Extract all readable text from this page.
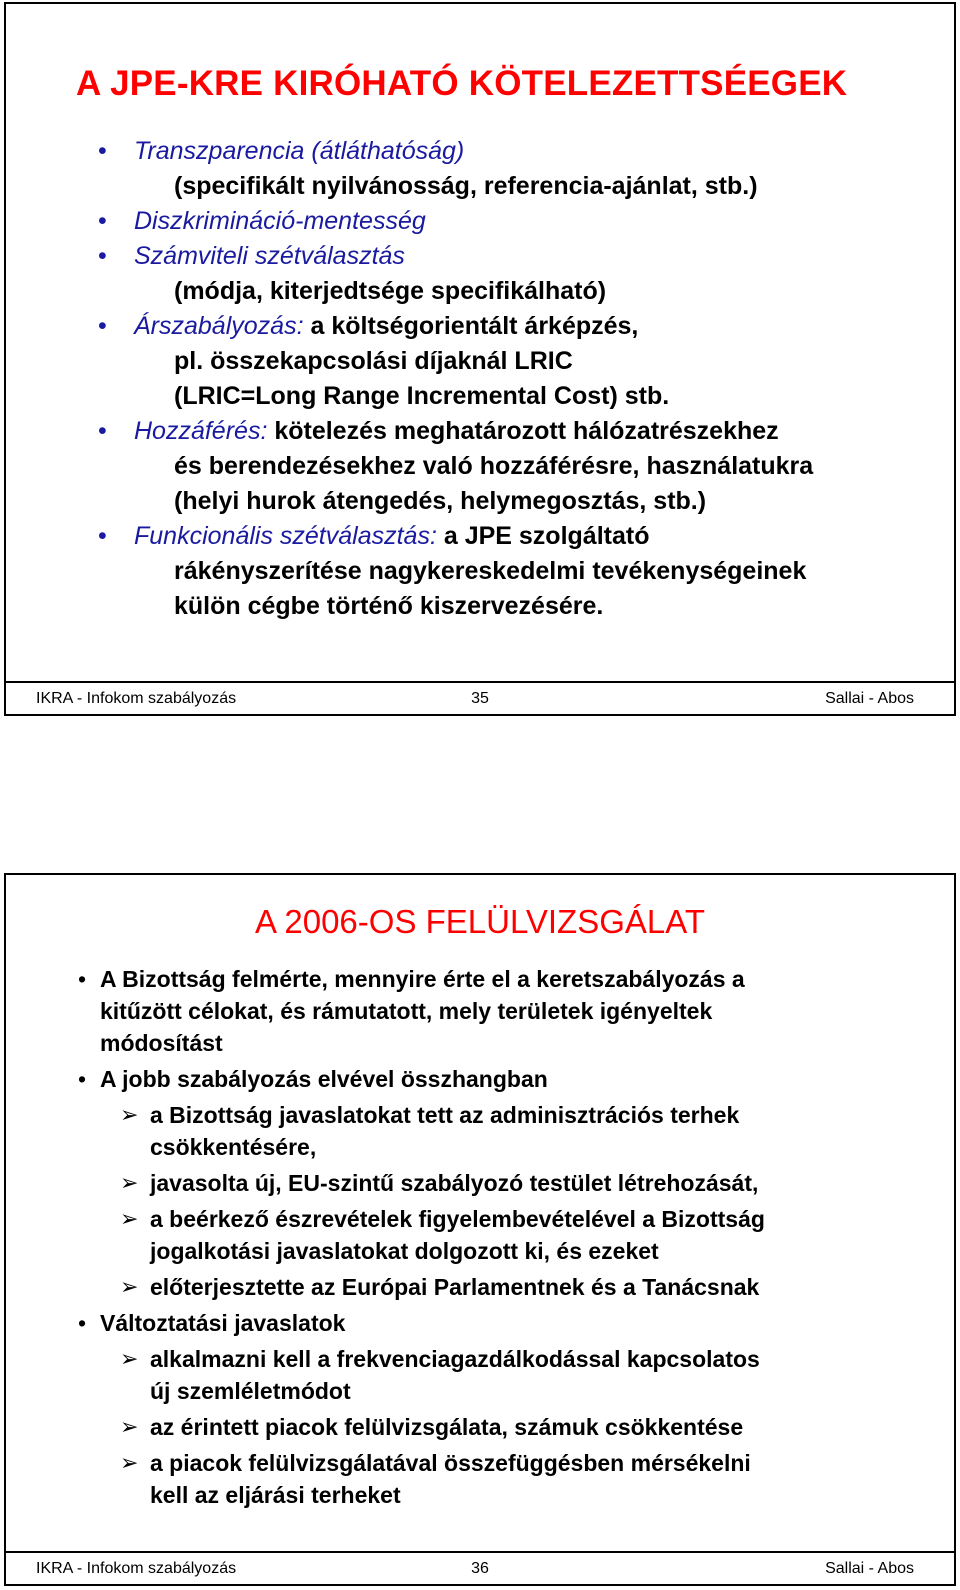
A JPE-KRE KIRÓHATÓ KÖTELEZETTSÉEGEK
• Transzparencia (átláthatóság)
(specifikált nyilvánosság, referencia-ajánlat, stb.)
• Diszkrimináció-mentesség
• Számviteli szétválasztás
(módja, kiterjedtsége specifikálható)
• Árszabályozás: a költségorientált árképzés,
pl. összekapcsolási díjaknál LRIC
(LRIC=Long Range Incremental Cost) stb.
• Hozzáférés: kötelezés meghatározott hálózatrészekhez
és berendezésekhez való hozzáférésre, használatukra
(helyi hurok átengedés, helymegosztás, stb.)
• Funkcionális szétválasztás: a JPE szolgáltató
rákényszerítése nagykereskedelmi tevékenységeinek
külön cégbe történő kiszervezésére.
IKRA - Infokom szabályozás	35	Sallai - Abos
A 2006-OS FELÜLVIZSGÁLAT
• A Bizottság felmérte, mennyire érte el a keretszabályozás a
kitűzött célokat, és rámutatott, mely területek igényeltek
módosítást
• A jobb szabályozás elvével összhangban
➢ a Bizottság javaslatokat tett az adminisztrációs terhek
csökkentésére,
➢ javasolta új, EU-szintű szabályozó testület létrehozását,
➢ a beérkező észrevételek figyelembevételével a Bizottság
jogalkotási javaslatokat dolgozott ki, és ezeket
➢ előterjesztette az Európai Parlamentnek és a Tanácsnak
• Változtatási javaslatok
➢ alkalmazni kell a frekvenciagazdálkodással kapcsolatos
új szemléletmódot
➢ az érintett piacok felülvizsgálata, számuk csökkentése
➢ a piacok felülvizsgálatával összefüggésben mérsékelni
kell az eljárási terheket
IKRA - Infokom szabályozás	36	Sallai - Abos
